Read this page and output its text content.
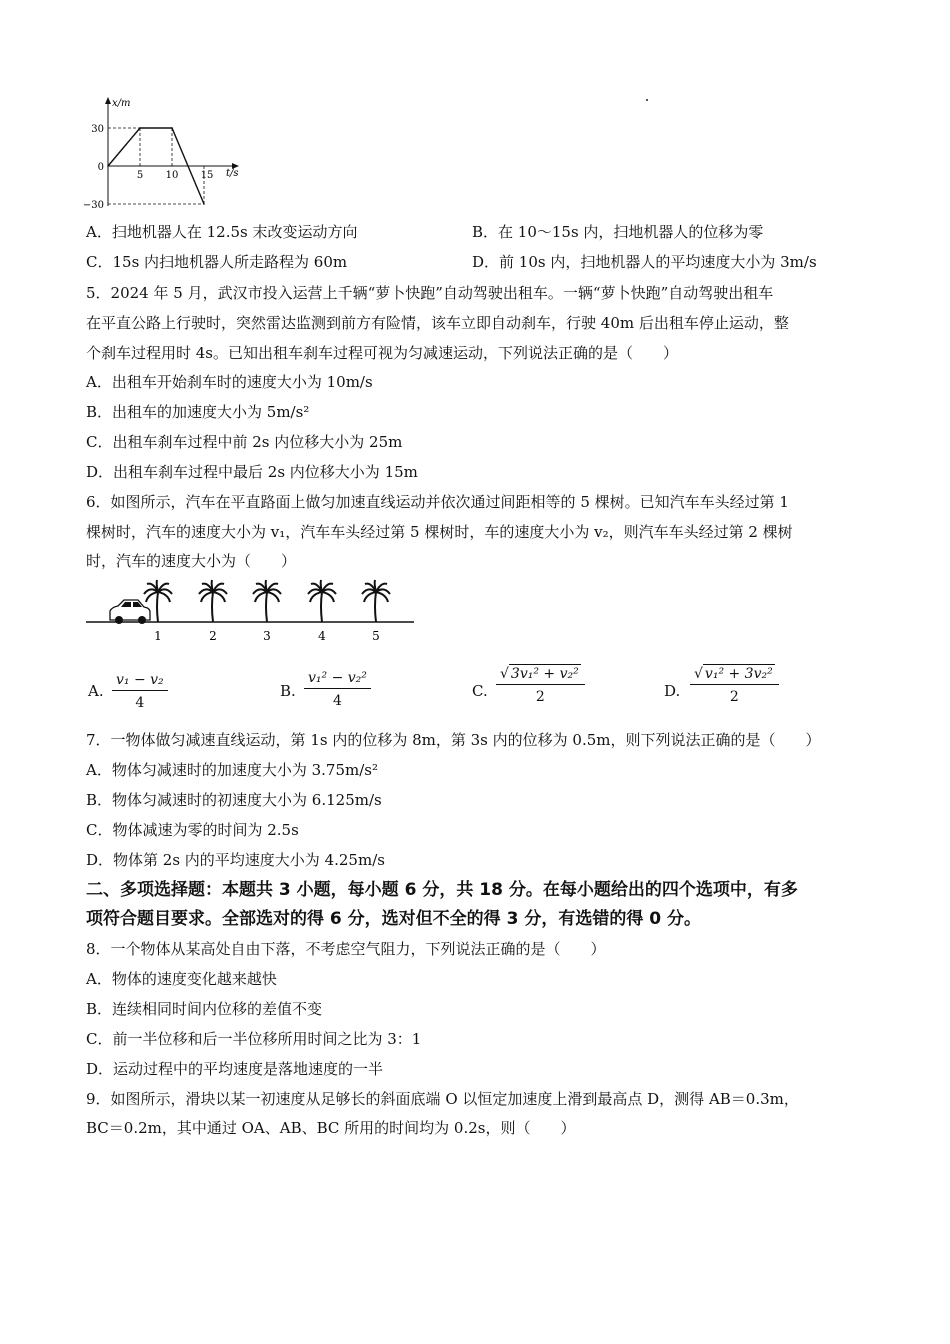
x/m
t/s
30
0
−30
5 10 15
A．扫地机器人在 12.5s 末改变运动方向	B．在 10～15s 内，扫地机器人的位移为零
C．15s 内扫地机器人所走路程为 60m	D．前 10s 内，扫地机器人的平均速度大小为 3m/s
5．2024 年 5 月，武汉市投入运营上千辆“萝卜快跑”自动驾驶出租车。一辆“萝卜快跑”自动驾驶出租车
在平直公路上行驶时，突然雷达监测到前方有险情，该车立即自动刹车，行驶 40m 后出租车停止运动，整
个刹车过程用时 4s。已知出租车刹车过程可视为匀减速运动，下列说法正确的是（　　）
A．出租车开始刹车时的速度大小为 10m/s
B．出租车的加速度大小为 5m/s²
C．出租车刹车过程中前 2s 内位移大小为 25m
D．出租车刹车过程中最后 2s 内位移大小为 15m
6．如图所示，汽车在平直路面上做匀加速直线运动并依次通过间距相等的 5 棵树。已知汽车车头经过第 1
棵树时，汽车的速度大小为 v₁，汽车车头经过第 5 棵树时，车的速度大小为 v₂，则汽车车头经过第 2 棵树
时，汽车的速度大小为（　　）
1	2	3	4	5
A. $\frac{\text{v₁ − v₂}}{4}$	B. $\frac{\text{v₁² − v₂²}}{4}$	C. $\frac{\text{√ 3v₁² + v₂²}}{2}$	D. $\frac{\text{√ v₁² + 3v₂²}}{2}$
7．一物体做匀减速直线运动，第 1s 内的位移为 8m，第 3s 内的位移为 0.5m，则下列说法正确的是（　　）
A．物体匀减速时的加速度大小为 3.75m/s²
B．物体匀减速时的初速度大小为 6.125m/s
C．物体减速为零的时间为 2.5s
D．物体第 2s 内的平均速度大小为 4.25m/s
二、多项选择题：本题共 3 小题，每小题 6 分，共 18 分。在每小题给出的四个选项中，有多
项符合题目要求。全部选对的得 6 分，选对但不全的得 3 分，有选错的得 0 分。
8．一个物体从某高处自由下落，不考虑空气阻力，下列说法正确的是（　　）
A．物体的速度变化越来越快
B．连续相同时间内位移的差值不变
C．前一半位移和后一半位移所用时间之比为 3：1
D．运动过程中的平均速度是落地速度的一半
9．如图所示，滑块以某一初速度从足够长的斜面底端 O 以恒定加速度上滑到最高点 D，测得 AB＝0.3m，
BC＝0.2m，其中通过 OA、AB、BC 所用的时间均为 0.2s，则（　　）
